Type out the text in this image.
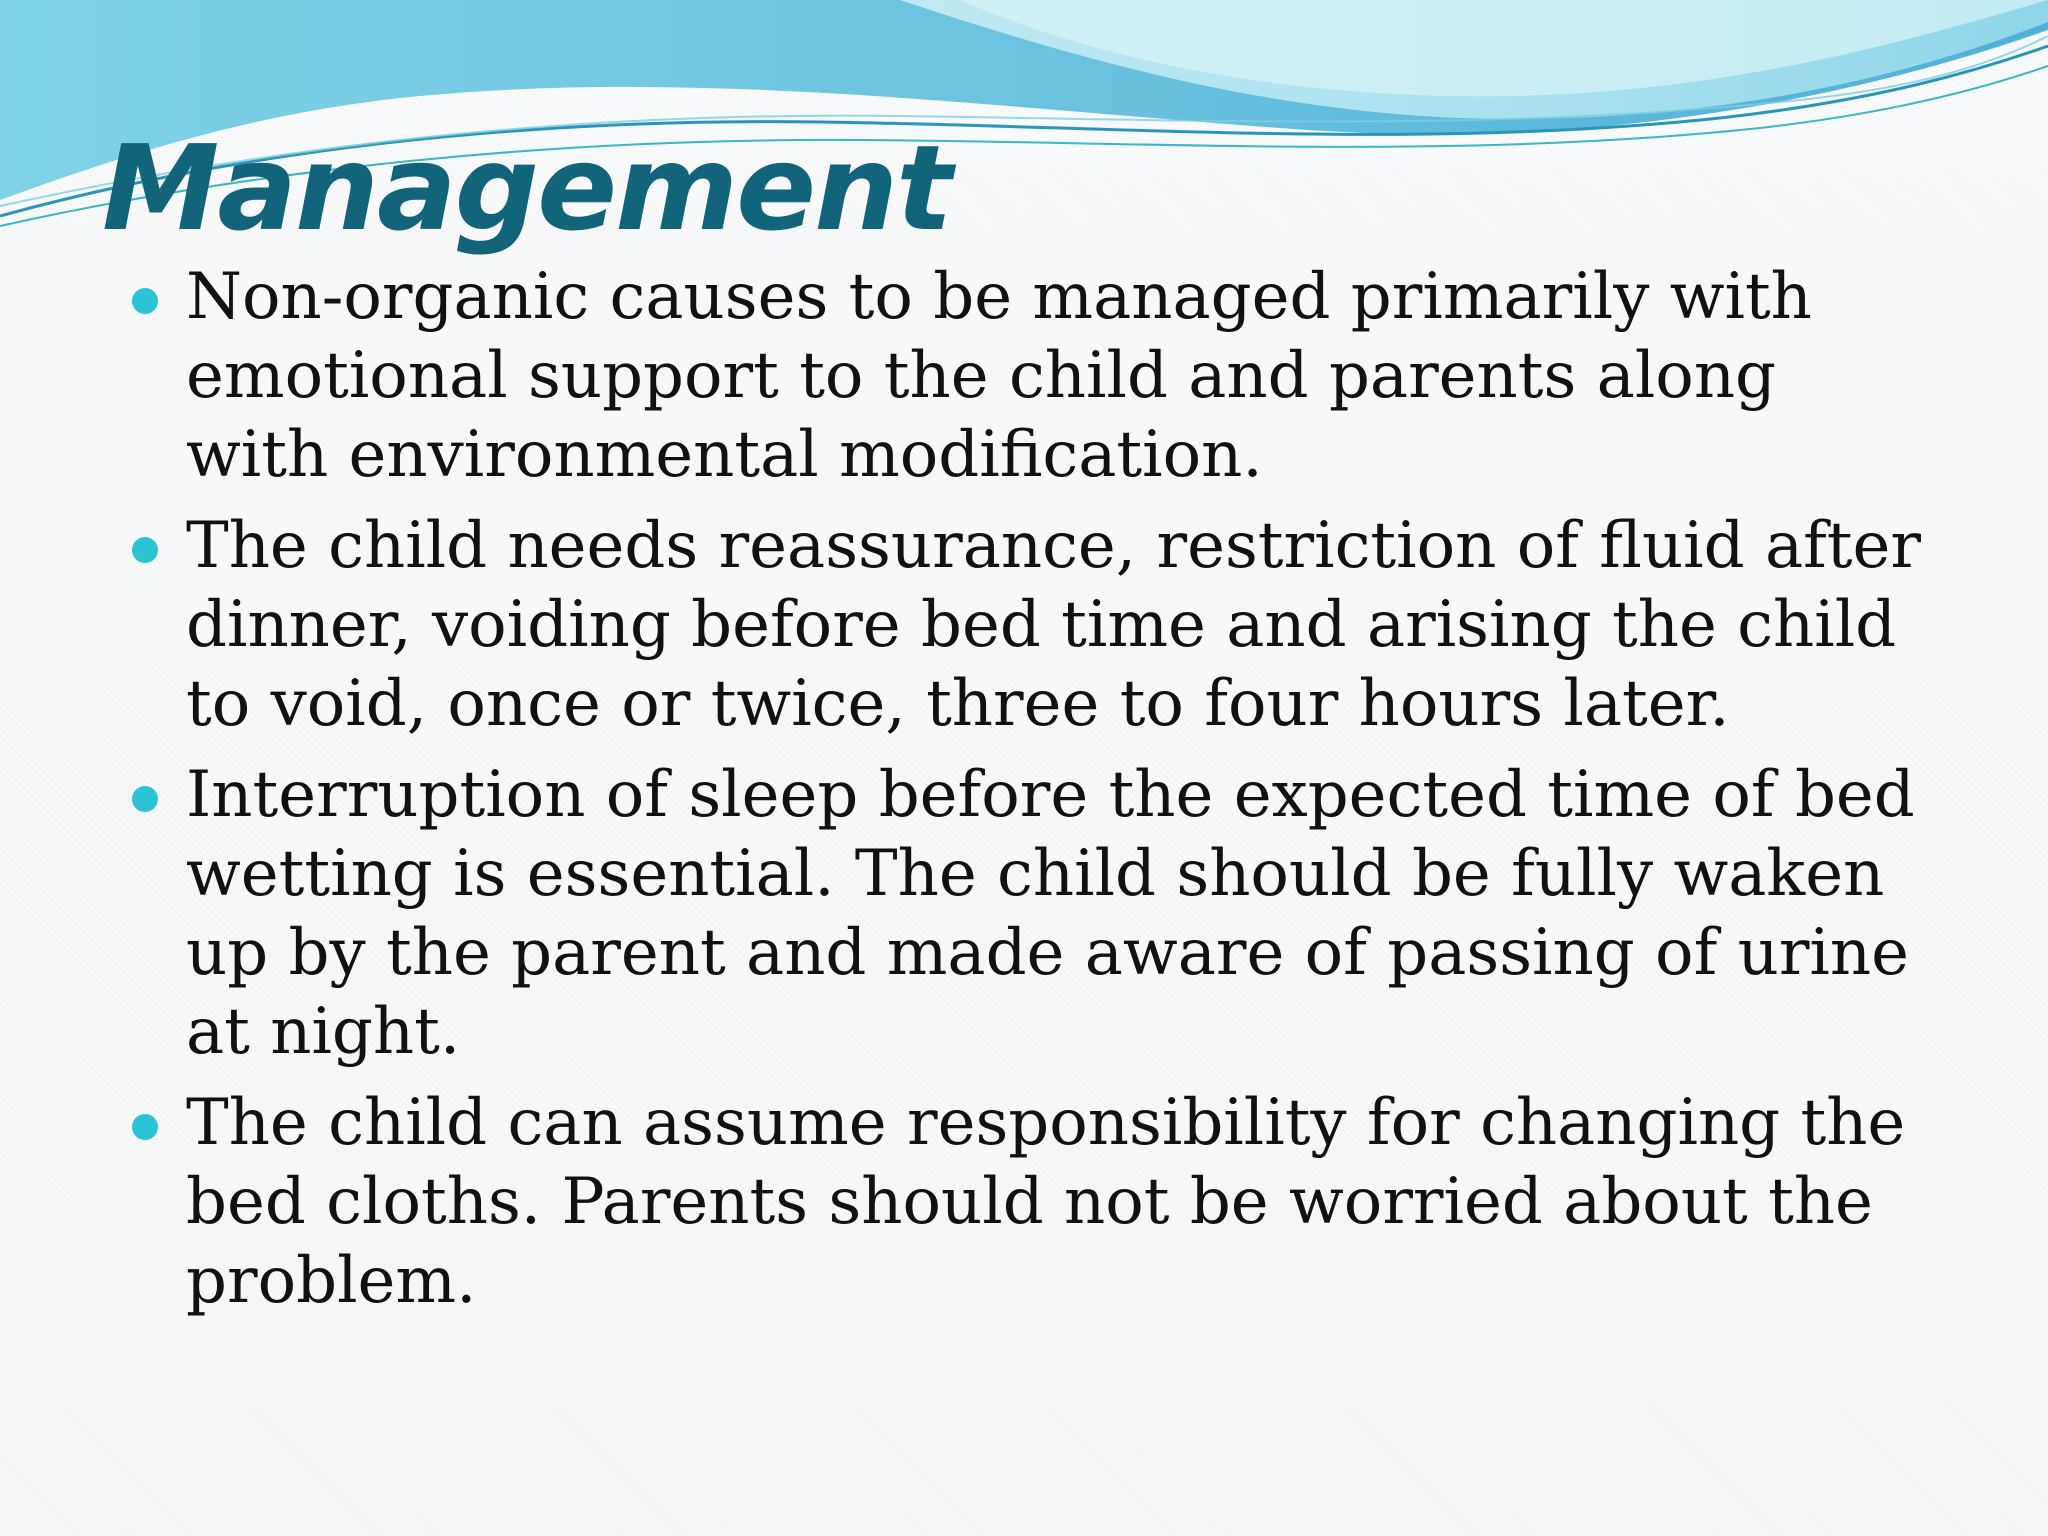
Management
Non-organic causes to be managed primarily with emotional support to the child and parents along with environmental modification.
The child needs reassurance, restriction of fluid after dinner, voiding before bed time and arising the child to void, once or twice, three to four hours later.
Interruption of sleep before the expected time of bed wetting is essential. The child should be fully waken up by the parent and made aware of passing of urine at night.
The child can assume responsibility for changing the bed cloths. Parents should not be worried about the problem.
